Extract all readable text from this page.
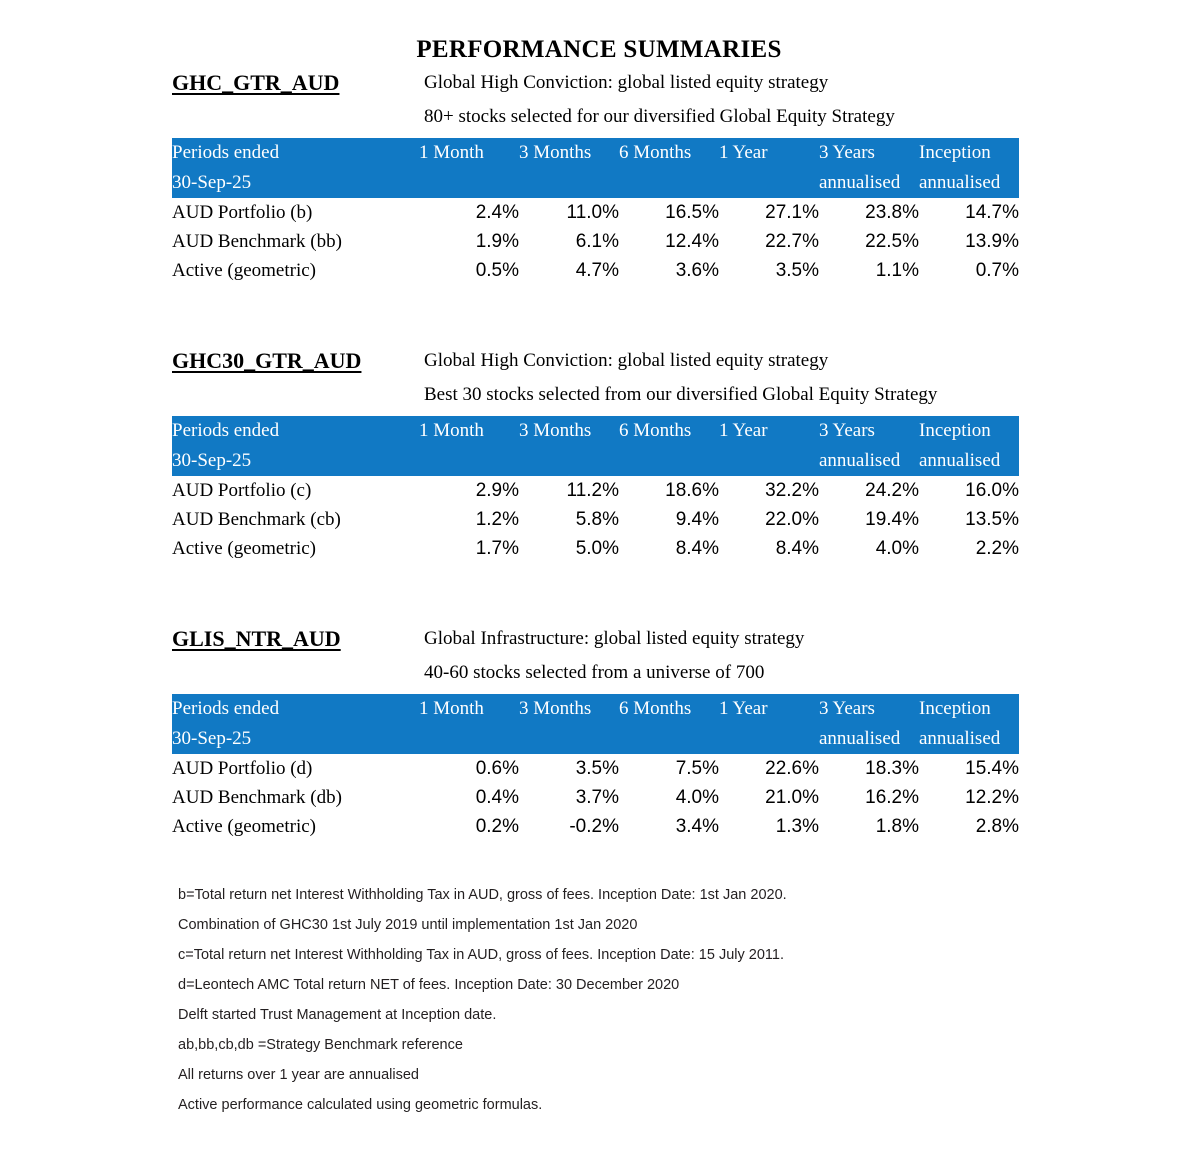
PERFORMANCE SUMMARIES
GHC_GTR_AUD	Global High Conviction: global listed equity strategy
80+ stocks selected for our diversified Global Equity Strategy
Periods ended	1 Month	3 Months	6 Months	1 Year	3 Years	Inception
30-Sep-25					annualised	annualised
AUD Portfolio (b)	2.4%	11.0%	16.5%	27.1%	23.8%	14.7%
AUD Benchmark (bb)	1.9%	6.1%	12.4%	22.7%	22.5%	13.9%
Active (geometric)	0.5%	4.7%	3.6%	3.5%	1.1%	0.7%
GHC30_GTR_AUD	Global High Conviction: global listed equity strategy
Best 30 stocks selected from our diversified Global Equity Strategy
Periods ended	1 Month	3 Months	6 Months	1 Year	3 Years	Inception
30-Sep-25					annualised	annualised
AUD Portfolio (c)	2.9%	11.2%	18.6%	32.2%	24.2%	16.0%
AUD Benchmark (cb)	1.2%	5.8%	9.4%	22.0%	19.4%	13.5%
Active (geometric)	1.7%	5.0%	8.4%	8.4%	4.0%	2.2%
GLIS_NTR_AUD	Global Infrastructure: global listed equity strategy
40-60 stocks selected from a universe of 700
Periods ended	1 Month	3 Months	6 Months	1 Year	3 Years	Inception
30-Sep-25					annualised	annualised
AUD Portfolio (d)	0.6%	3.5%	7.5%	22.6%	18.3%	15.4%
AUD Benchmark (db)	0.4%	3.7%	4.0%	21.0%	16.2%	12.2%
Active (geometric)	0.2%	-0.2%	3.4%	1.3%	1.8%	2.8%
b=Total return net Interest Withholding Tax in AUD, gross of fees. Inception Date: 1st Jan 2020.
Combination of GHC30 1st July 2019 until implementation 1st Jan 2020
c=Total return net Interest Withholding Tax in AUD, gross of fees. Inception Date: 15 July 2011.
d=Leontech AMC Total return NET of fees. Inception Date: 30 December 2020
Delft started Trust Management at Inception date.
ab,bb,cb,db =Strategy Benchmark reference
All returns over 1 year are annualised
Active performance calculated using geometric formulas.
